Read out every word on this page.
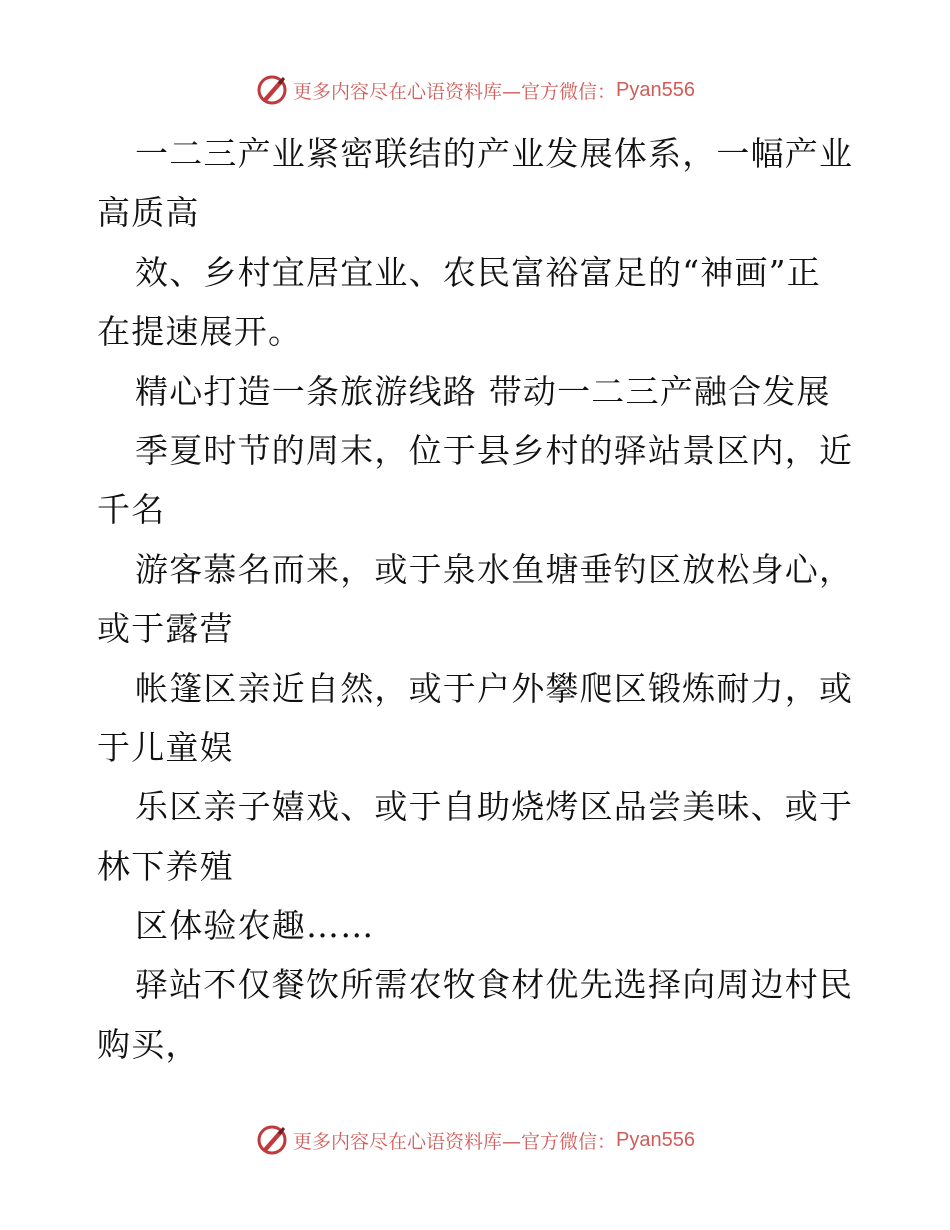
更多内容尽在心语资料库—官方微信： Pyan556
一二三产业紧密联结的产业发展体系，一幅产业
高质高
效、乡村宜居宜业、农民富裕富足的“神画”正
在提速展开。
精心打造一条旅游线路 带动一二三产融合发展
季夏时节的周末，位于县乡村的驿站景区内，近
千名
游客慕名而来，或于泉水鱼塘垂钓区放松身心，
或于露营
帐篷区亲近自然，或于户外攀爬区锻炼耐力，或
于儿童娱
乐区亲子嬉戏、或于自助烧烤区品尝美味、或于
林下养殖
区体验农趣……
驿站不仅餐饮所需农牧食材优先选择向周边村民
购买，
更多内容尽在心语资料库—官方微信： Pyan556
